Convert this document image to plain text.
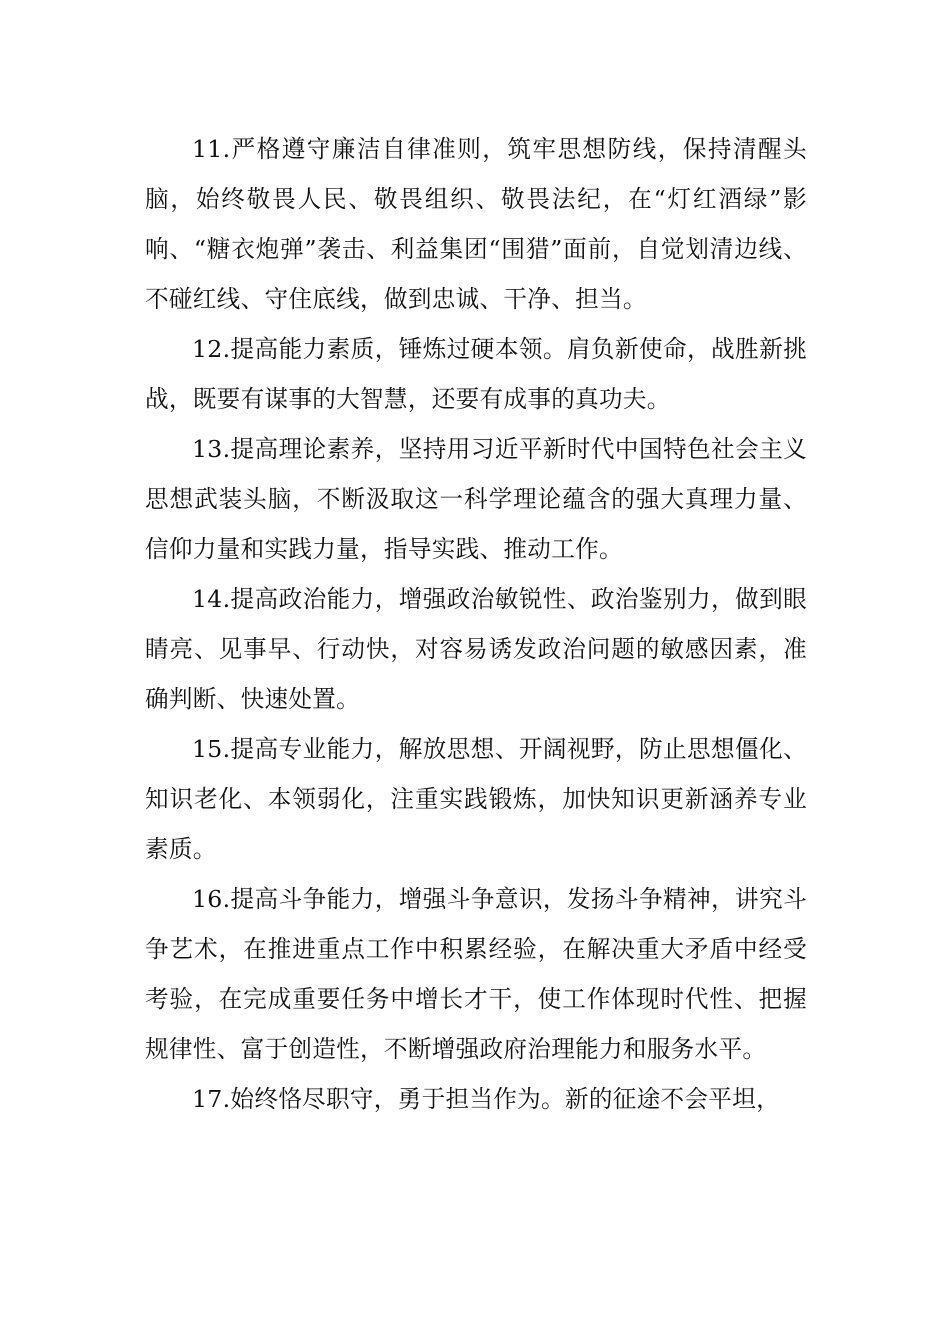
11.严格遵守廉洁自律准则，筑牢思想防线，保持清醒头脑，始终敬畏人民、敬畏组织、敬畏法纪，在“灯红酒绿”影响、“糖衣炮弹”袭击、利益集团“围猎”面前，自觉划清边线、不碰红线、守住底线，做到忠诚、干净、担当。

12.提高能力素质，锤炼过硬本领。肩负新使命，战胜新挑战，既要有谋事的大智慧，还要有成事的真功夫。

13.提高理论素养，坚持用习近平新时代中国特色社会主义思想武装头脑，不断汲取这一科学理论蕴含的强大真理力量、信仰力量和实践力量，指导实践、推动工作。

14.提高政治能力，增强政治敏锐性、政治鉴别力，做到眼睛亮、见事早、行动快，对容易诱发政治问题的敏感因素，准确判断、快速处置。

15.提高专业能力，解放思想、开阔视野，防止思想僵化、知识老化、本领弱化，注重实践锻炼，加快知识更新涵养专业素质。

16.提高斗争能力，增强斗争意识，发扬斗争精神，讲究斗争艺术，在推进重点工作中积累经验，在解决重大矛盾中经受考验，在完成重要任务中增长才干，使工作体现时代性、把握规律性、富于创造性，不断增强政府治理能力和服务水平。

17.始终恪尽职守，勇于担当作为。新的征途不会平坦，
